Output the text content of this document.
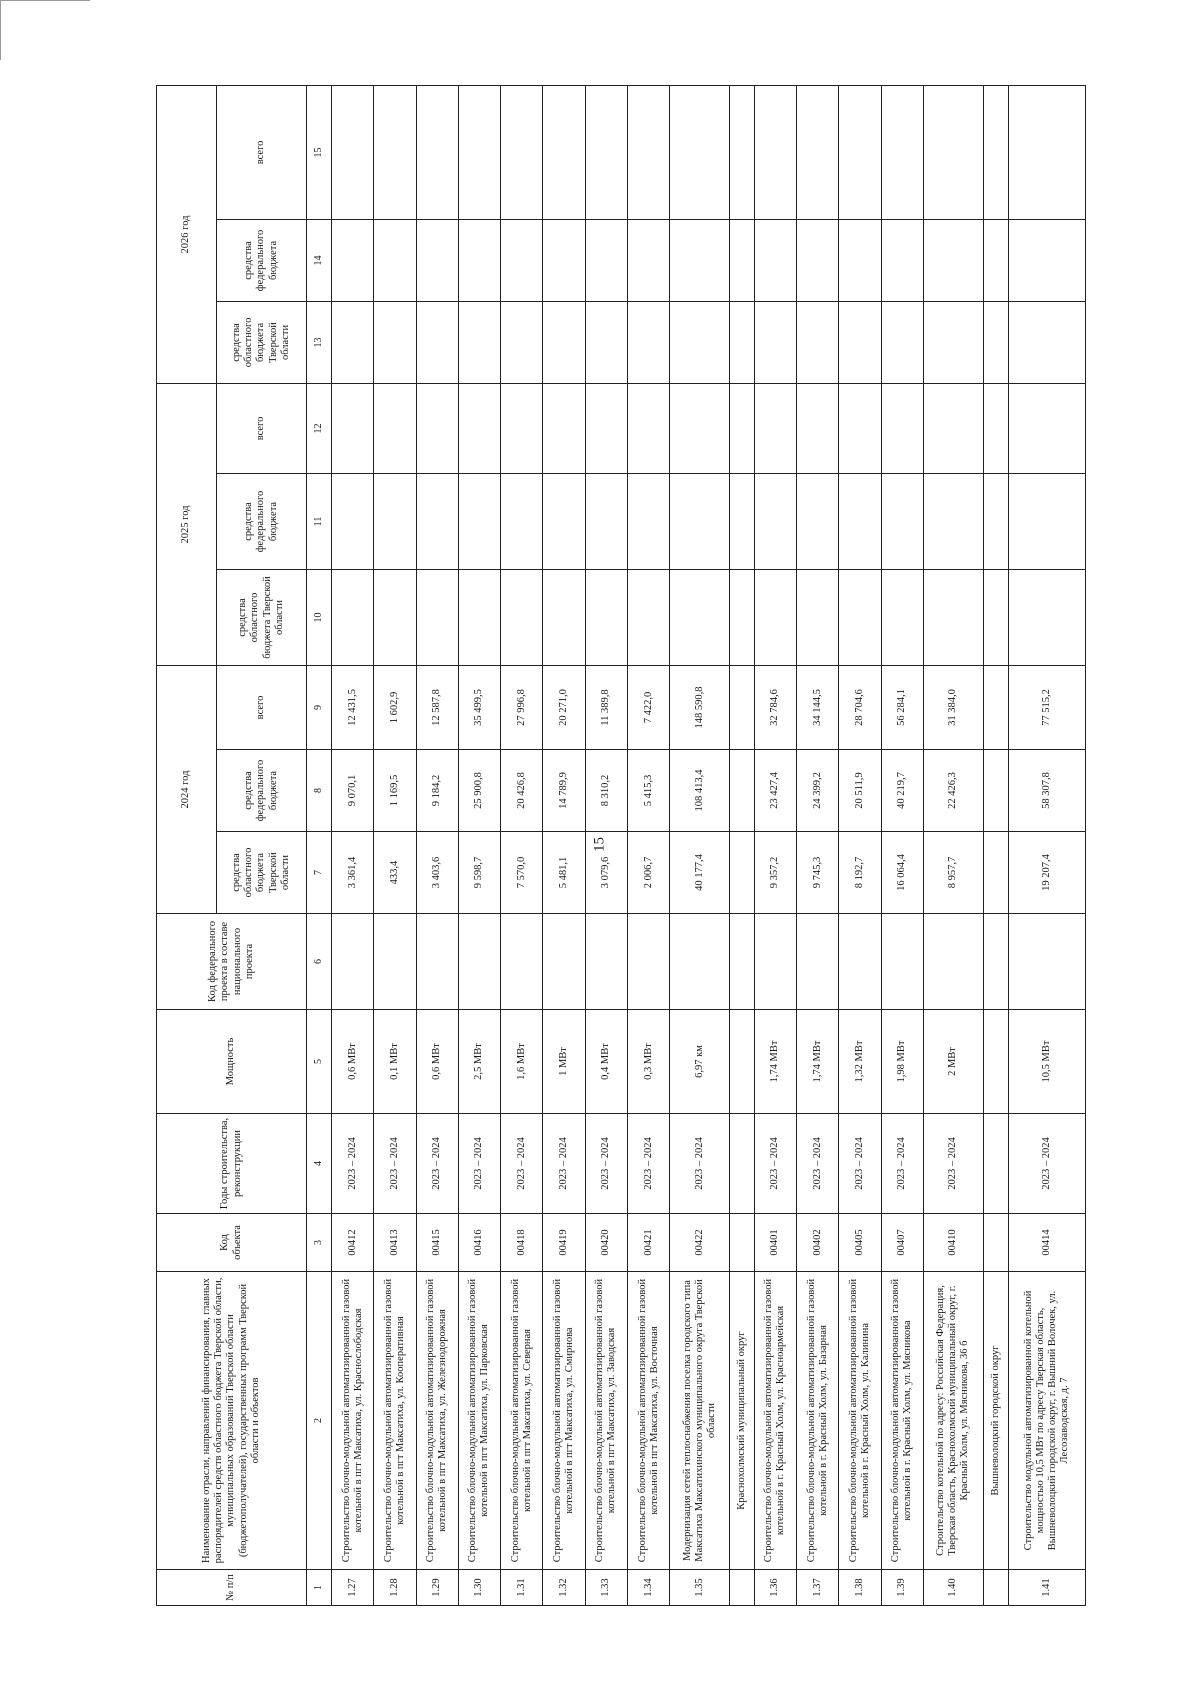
15
№ п/п	Наименование отрасли, направлений финансирования, главных распорядителей средств областного бюджета Тверской области, муниципальных образований Тверской области (бюджетополучателей), государственных программ Тверской области и объектов	Код объекта	Годы строительства, реконструкции	Мощность	Код федерального проекта в составе национального проекта	2024 год			2025 год			2026 год		
						средства областного бюджета Тверской области	средства федерального бюджета	всего	средства областного бюджета Тверской области	средства федерального бюджета	всего	средства областного бюджета Тверской области	средства федерального бюджета	всего
1	2	3	4	5	6	7	8	9	10	11	12	13	14	15
1.27	Строительство блочно-модульной автоматизированной газовой котельной в пгт Максатиха, ул. Краснослободская	00412	2023 – 2024	0,6 МВт		3 361,4	9 070,1	12 431,5						
1.28	Строительство блочно-модульной автоматизированной газовой котельной в пгт Максатиха, ул. Кооперативная	00413	2023 – 2024	0,1 МВт		433,4	1 169,5	1 602,9						
1.29	Строительство блочно-модульной автоматизированной газовой котельной в пгт Максатиха, ул. Железнодорожная	00415	2023 – 2024	0,6 МВт		3 403,6	9 184,2	12 587,8						
1.30	Строительство блочно-модульной автоматизированной газовой котельной в пгт Максатиха, ул. Парковская	00416	2023 – 2024	2,5 МВт		9 598,7	25 900,8	35 499,5						
1.31	Строительство блочно-модульной автоматизированной газовой котельной в пгт Максатиха, ул. Северная	00418	2023 – 2024	1,6 МВт		7 570,0	20 426,8	27 996,8						
1.32	Строительство блочно-модульной автоматизированной газовой котельной в пгт Максатиха, ул. Смирнова	00419	2023 – 2024	1 МВт		5 481,1	14 789,9	20 271,0						
1.33	Строительство блочно-модульной автоматизированной газовой котельной в пгт Максатиха, ул. Заводская	00420	2023 – 2024	0,4 МВт		3 079,6	8 310,2	11 389,8						
1.34	Строительство блочно-модульной автоматизированной газовой котельной в пгт Максатиха, ул. Восточная	00421	2023 – 2024	0,3 МВт		2 006,7	5 415,3	7 422,0						
1.35	Модернизация сетей теплоснабжения поселка городского типа Максатиха Максатихинского муниципального округа Тверской области	00422	2023 – 2024	6,97 км		40 177,4	108 413,4	148 590,8						
	Краснохолмский муниципальный округ													
1.36	Строительство блочно-модульной автоматизированной газовой котельной в г. Красный Холм, ул. Красноармейская	00401	2023 – 2024	1,74 МВт		9 357,2	23 427,4	32 784,6						
1.37	Строительство блочно-модульной автоматизированной газовой котельной в г. Красный Холм, ул. Базарная	00402	2023 – 2024	1,74 МВт		9 745,3	24 399,2	34 144,5						
1.38	Строительство блочно-модульной автоматизированной газовой котельной в г. Красный Холм, ул. Калинина	00405	2023 – 2024	1,32 МВт		8 192,7	20 511,9	28 704,6						
1.39	Строительство блочно-модульной автоматизированной газовой котельной в г. Красный Холм, ул. Мясникова	00407	2023 – 2024	1,98 МВт		16 064,4	40 219,7	56 284,1						
1.40	Строительство котельной по адресу: Российская Федерация, Тверская область, Краснохолмский муниципальный округ, г. Красный Холм, ул. Мясникова, 36 б	00410	2023 – 2024	2 МВт		8 957,7	22 426,3	31 384,0						
	Вышневолоцкий городской округ													
1.41	Строительство модульной автоматизированной котельной мощностью 10,5 МВт по адресу Тверская область, Вышневолоцкий городской округ, г. Вышний Волочек, ул. Лесозаводская, д. 7	00414	2023 – 2024	10,5 МВт		19 207,4	58 307,8	77 515,2						
